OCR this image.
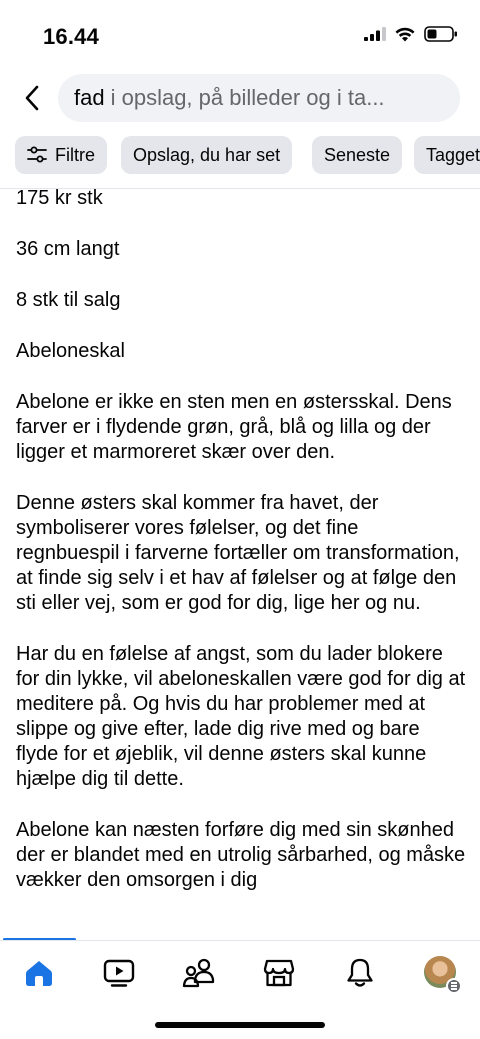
16.44
fad i opslag, på billeder og i ta...
Filtre	Opslag, du har set	Seneste	Tagget

175 kr stk

36 cm langt

8 stk til salg

Abeloneskal

Abelone er ikke en sten men en østersskal. Dens farver er i flydende grøn, grå, blå og lilla og der ligger et marmoreret skær over den.

Denne østers skal kommer fra havet, der symboliserer vores følelser, og det fine regnbuespil i farverne fortæller om transformation, at finde sig selv i et hav af følelser og at følge den sti eller vej, som er god for dig, lige her og nu.

Har du en følelse af angst, som du lader blokere for din lykke, vil abeloneskallen være god for dig at meditere på. Og hvis du har problemer med at slippe og give efter, lade dig rive med og bare flyde for et øjeblik, vil denne østers skal kunne hjælpe dig til dette.

Abelone kan næsten forføre dig med sin skønhed der er blandet med en utrolig sårbarhed, og måske vækker den omsorgen i dig
